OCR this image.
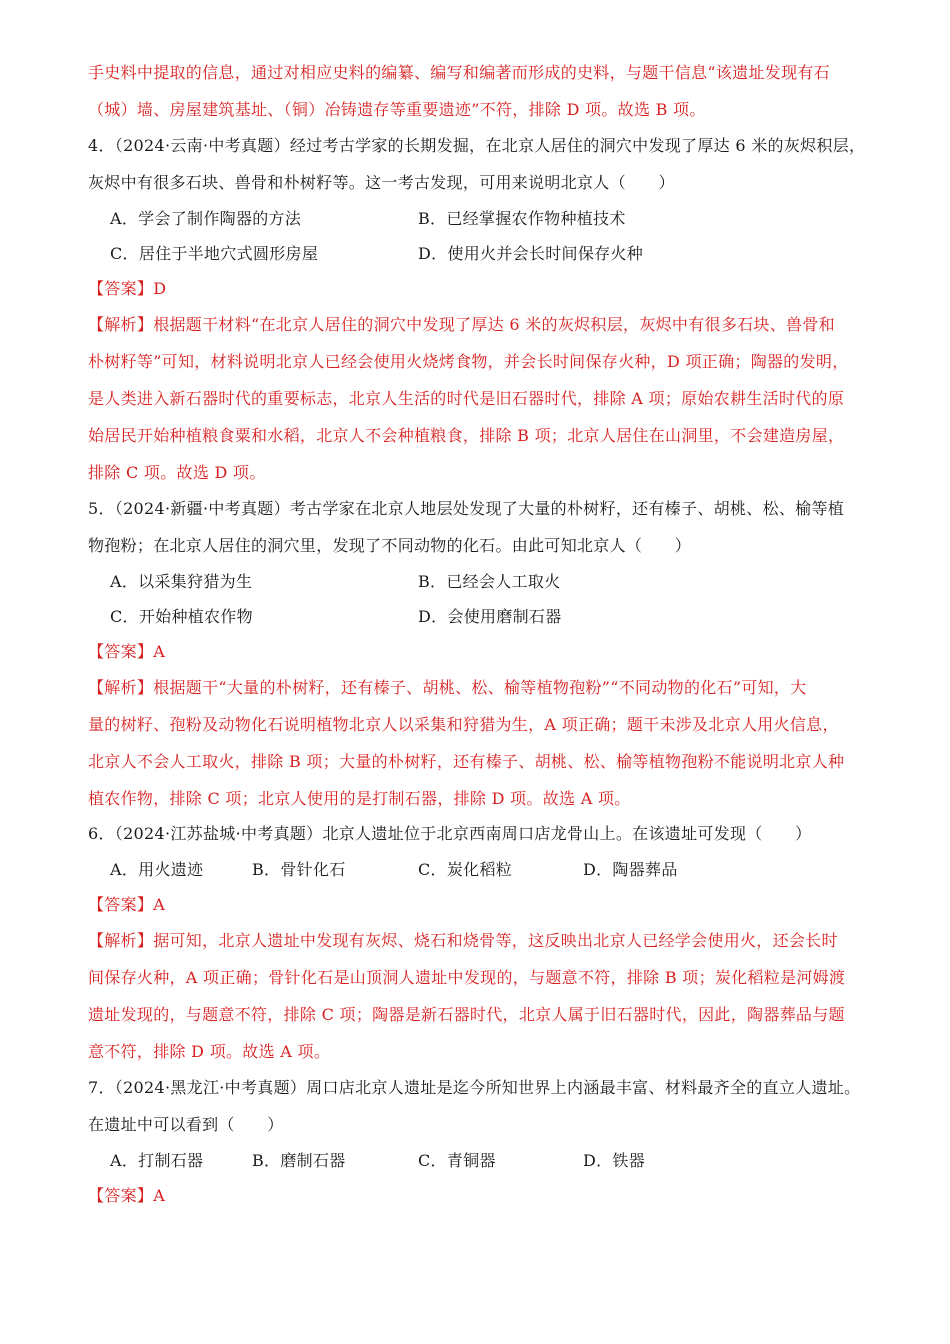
手史料中提取的信息，通过对相应史料的编纂、编写和编著而形成的史料，与题干信息“该遗址发现有石
（城）墙、房屋建筑基址、（铜）冶铸遗存等重要遗迹”不符，排除 D 项。故选 B 项。
4．（2024·云南·中考真题）经过考古学家的长期发掘，在北京人居住的洞穴中发现了厚达 6 米的灰烬积层，
灰烬中有很多石块、兽骨和朴树籽等。这一考古发现，可用来说明北京人（　　）
A．学会了制作陶器的方法	B．已经掌握农作物种植技术
C．居住于半地穴式圆形房屋	D．使用火并会长时间保存火种
【答案】D
【解析】根据题干材料“在北京人居住的洞穴中发现了厚达 6 米的灰烬积层，灰烬中有很多石块、兽骨和
朴树籽等”可知，材料说明北京人已经会使用火烧烤食物，并会长时间保存火种，D 项正确；陶器的发明，
是人类进入新石器时代的重要标志，北京人生活的时代是旧石器时代，排除 A 项；原始农耕生活时代的原
始居民开始种植粮食粟和水稻，北京人不会种植粮食，排除 B 项；北京人居住在山洞里，不会建造房屋，
排除 C 项。故选 D 项。
5．（2024·新疆·中考真题）考古学家在北京人地层处发现了大量的朴树籽，还有榛子、胡桃、松、榆等植
物孢粉；在北京人居住的洞穴里，发现了不同动物的化石。由此可知北京人（　　）
A．以采集狩猎为生	B．已经会人工取火
C．开始种植农作物	D．会使用磨制石器
【答案】A
【解析】根据题干“大量的朴树籽，还有榛子、胡桃、松、榆等植物孢粉”“不同动物的化石”可知，大
量的树籽、孢粉及动物化石说明植物北京人以采集和狩猎为生，A 项正确；题干未涉及北京人用火信息，
北京人不会人工取火，排除 B 项；大量的朴树籽，还有榛子、胡桃、松、榆等植物孢粉不能说明北京人种
植农作物，排除 C 项；北京人使用的是打制石器，排除 D 项。故选 A 项。
6．（2024·江苏盐城·中考真题）北京人遗址位于北京西南周口店龙骨山上。在该遗址可发现（　　）
A．用火遗迹	B．骨针化石	C．炭化稻粒	D．陶器葬品
【答案】A
【解析】据可知，北京人遗址中发现有灰烬、烧石和烧骨等，这反映出北京人已经学会使用火，还会长时
间保存火种，A 项正确；骨针化石是山顶洞人遗址中发现的，与题意不符，排除 B 项；炭化稻粒是河姆渡
遗址发现的，与题意不符，排除 C 项；陶器是新石器时代，北京人属于旧石器时代，因此，陶器葬品与题
意不符，排除 D 项。故选 A 项。
7．（2024·黑龙江·中考真题）周口店北京人遗址是迄今所知世界上内涵最丰富、材料最齐全的直立人遗址。
在遗址中可以看到（　　）
A．打制石器	B．磨制石器	C．青铜器	D．铁器
【答案】A
